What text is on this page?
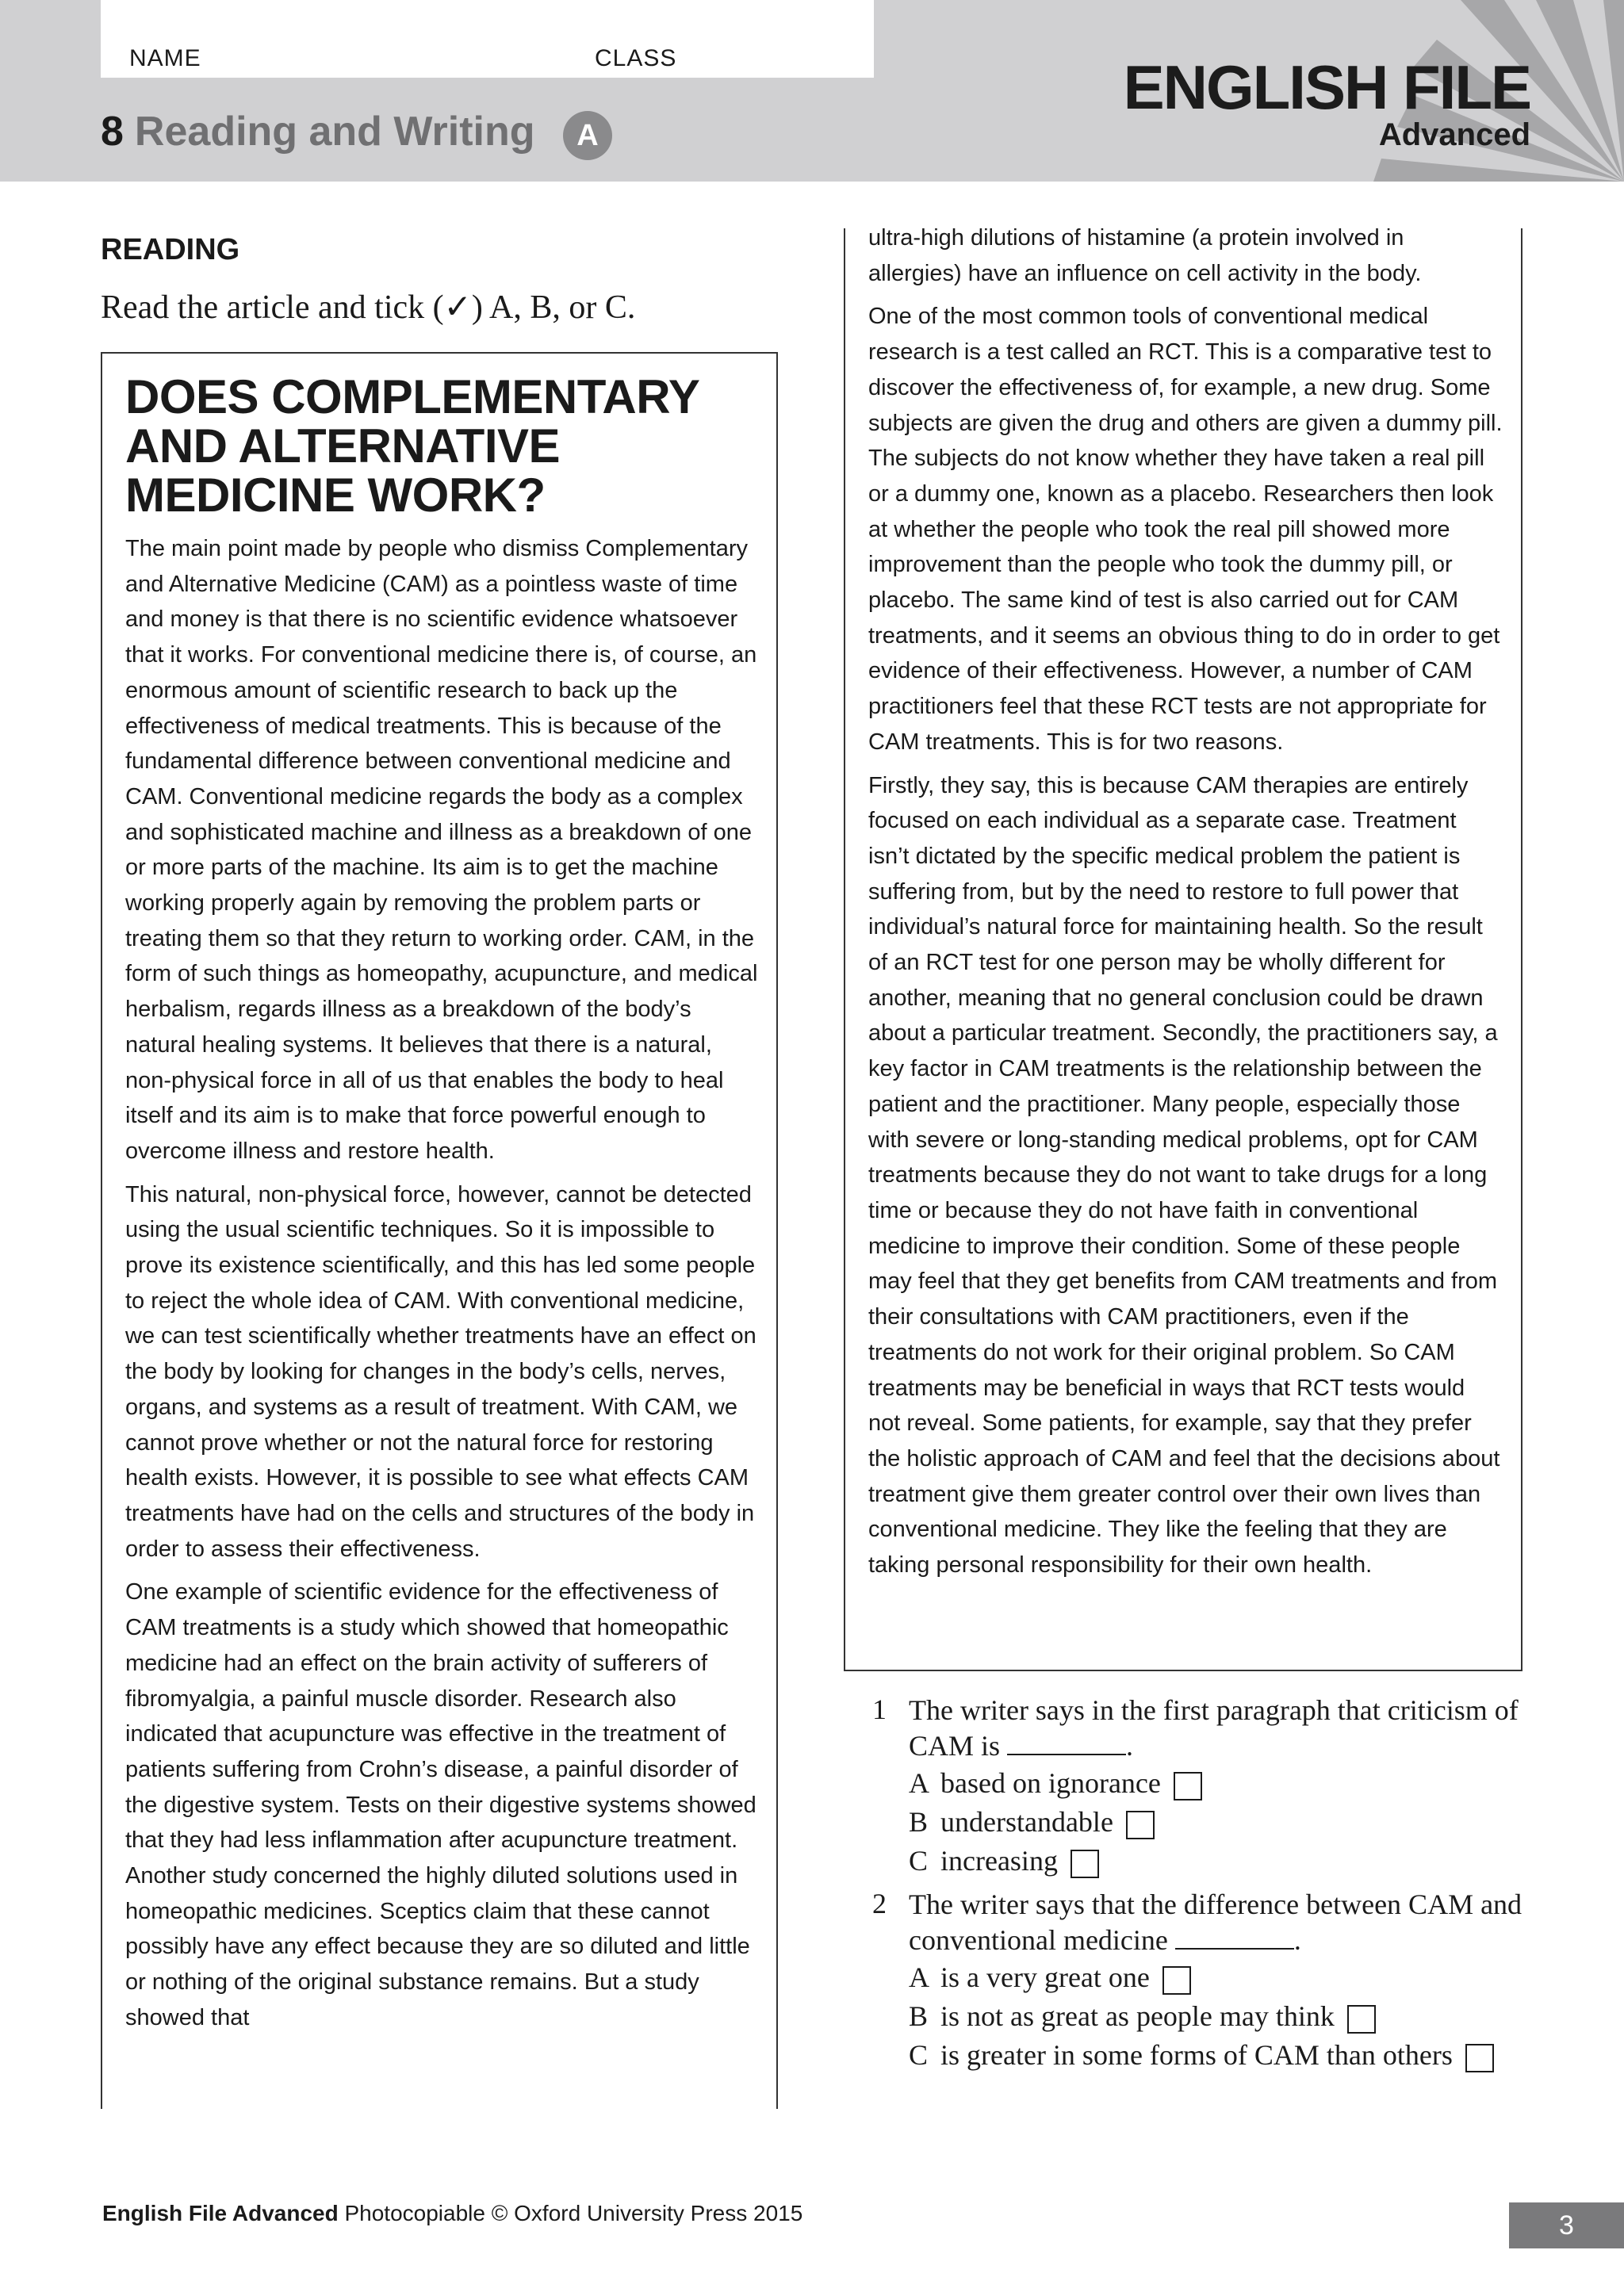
NAME	CLASS
8 Reading and Writing	A
ENGLISH FILE
Advanced
READING
Read the article and tick (✓) A, B, or C.
DOES COMPLEMENTARY
AND ALTERNATIVE
MEDICINE WORK?

The main point made by people who dismiss Complementary and Alternative Medicine (CAM) as a pointless waste of time and money is that there is no scientific evidence whatsoever that it works. For conventional medicine there is, of course, an enormous amount of scientific research to back up the effectiveness of medical treatments. This is because of the fundamental difference between conventional medicine and CAM. Conventional medicine regards the body as a complex and sophisticated machine and illness as a breakdown of one or more parts of the machine. Its aim is to get the machine working properly again by removing the problem parts or treating them so that they return to working order. CAM, in the form of such things as homeopathy, acupuncture, and medical herbalism, regards illness as a breakdown of the body’s natural healing systems. It believes that there is a natural, non-physical force in all of us that enables the body to heal itself and its aim is to make that force powerful enough to overcome illness and restore health.

This natural, non-physical force, however, cannot be detected using the usual scientific techniques. So it is impossible to prove its existence scientifically, and this has led some people to reject the whole idea of CAM. With conventional medicine, we can test scientifically whether treatments have an effect on the body by looking for changes in the body’s cells, nerves, organs, and systems as a result of treatment. With CAM, we cannot prove whether or not the natural force for restoring health exists. However, it is possible to see what effects CAM treatments have had on the cells and structures of the body in order to assess their effectiveness.

One example of scientific evidence for the effectiveness of CAM treatments is a study which showed that homeopathic medicine had an effect on the brain activity of sufferers of fibromyalgia, a painful muscle disorder. Research also indicated that acupuncture was effective in the treatment of patients suffering from Crohn’s disease, a painful disorder of the digestive system. Tests on their digestive systems showed that they had less inflammation after acupuncture treatment. Another study concerned the highly diluted solutions used in homeopathic medicines. Sceptics claim that these cannot possibly have any effect because they are so diluted and little or nothing of the original substance remains. But a study showed that

ultra-high dilutions of histamine (a protein involved in allergies) have an influence on cell activity in the body.

One of the most common tools of conventional medical research is a test called an RCT. This is a comparative test to discover the effectiveness of, for example, a new drug. Some subjects are given the drug and others are given a dummy pill. The subjects do not know whether they have taken a real pill or a dummy one, known as a placebo. Researchers then look at whether the people who took the real pill showed more improvement than the people who took the dummy pill, or placebo. The same kind of test is also carried out for CAM treatments, and it seems an obvious thing to do in order to get evidence of their effectiveness. However, a number of CAM practitioners feel that these RCT tests are not appropriate for CAM treatments. This is for two reasons.

Firstly, they say, this is because CAM therapies are entirely focused on each individual as a separate case. Treatment isn’t dictated by the specific medical problem the patient is suffering from, but by the need to restore to full power that individual’s natural force for maintaining health. So the result of an RCT test for one person may be wholly different for another, meaning that no general conclusion could be drawn about a particular treatment. Secondly, the practitioners say, a key factor in CAM treatments is the relationship between the patient and the practitioner. Many people, especially those with severe or long-standing medical problems, opt for CAM treatments because they do not want to take drugs for a long time or because they do not have faith in conventional medicine to improve their condition. Some of these people may feel that they get benefits from CAM treatments and from their consultations with CAM practitioners, even if the treatments do not work for their original problem. So CAM treatments may be beneficial in ways that RCT tests would not reveal. Some patients, for example, say that they prefer the holistic approach of CAM and feel that the decisions about treatment give them greater control over their own lives than conventional medicine. They like the feeling that they are taking personal responsibility for their own health.

1 The writer says in the first paragraph that criticism of CAM is	.
A based on ignorance
B understandable
C increasing
2 The writer says that the difference between CAM and conventional medicine	.
A is a very great one
B is not as great as people may think
C is greater in some forms of CAM than others
English File Advanced Photocopiable © Oxford University Press 2015	3
